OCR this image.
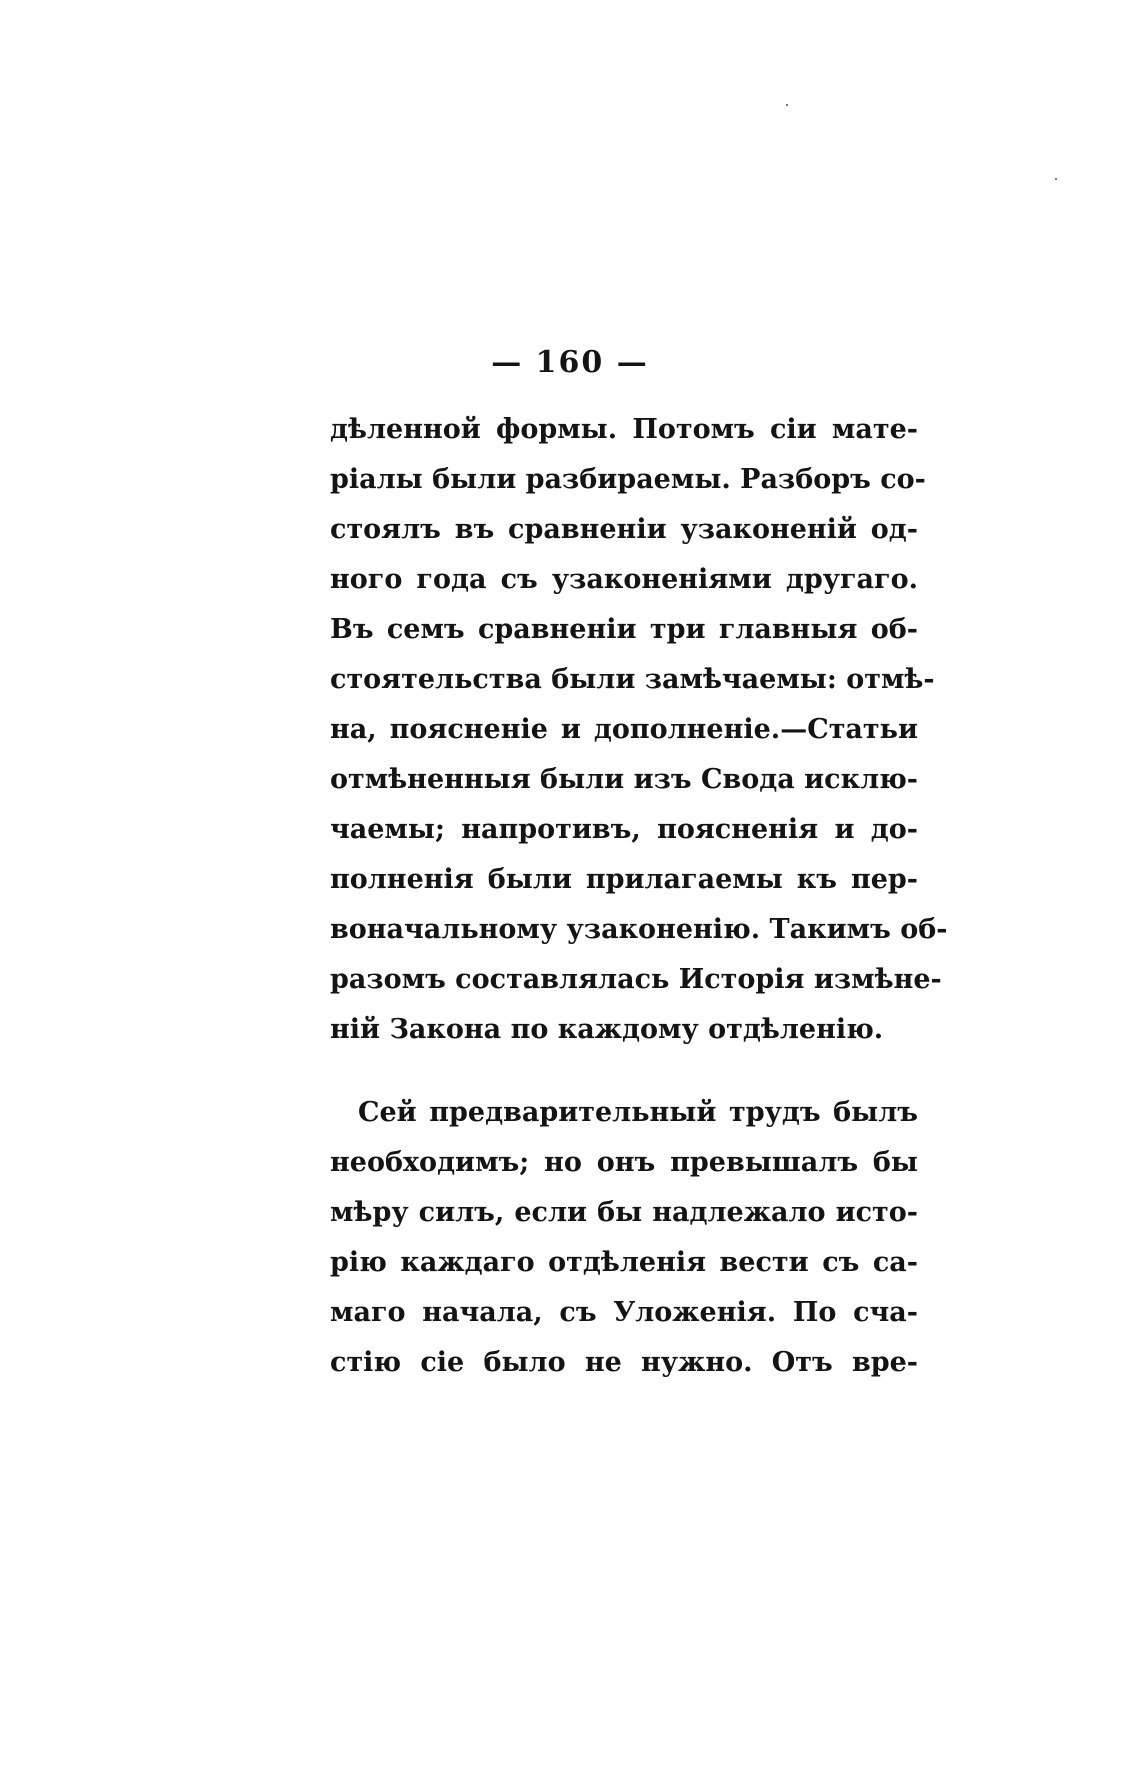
— 160 —
дѣленной формы. Потомъ сіи мате-
ріалы были разбираемы. Разборъ со-
стоялъ въ сравненіи узаконеній од-
ного года съ узаконеніями другаго.
Въ семъ сравненіи три главныя об-
стоятельства были замѣчаемы: отмѣ-
на, поясненіе и дополненіе.—Статьи
отмѣненныя были изъ Свода исклю-
чаемы; напротивъ, поясненія и до-
полненія были прилагаемы къ пер-
воначальному узаконенію. Такимъ об-
разомъ составлялась Исторія измѣне-
ній Закона по каждому отдѣленію.
Сей предварительный трудъ былъ
необходимъ; но онъ превышалъ бы
мѣру силъ, если бы надлежало исто-
рію каждаго отдѣленія вести съ са-
маго начала, съ Уложенія. По сча-
стію сіе было не нужно. Отъ вре-
